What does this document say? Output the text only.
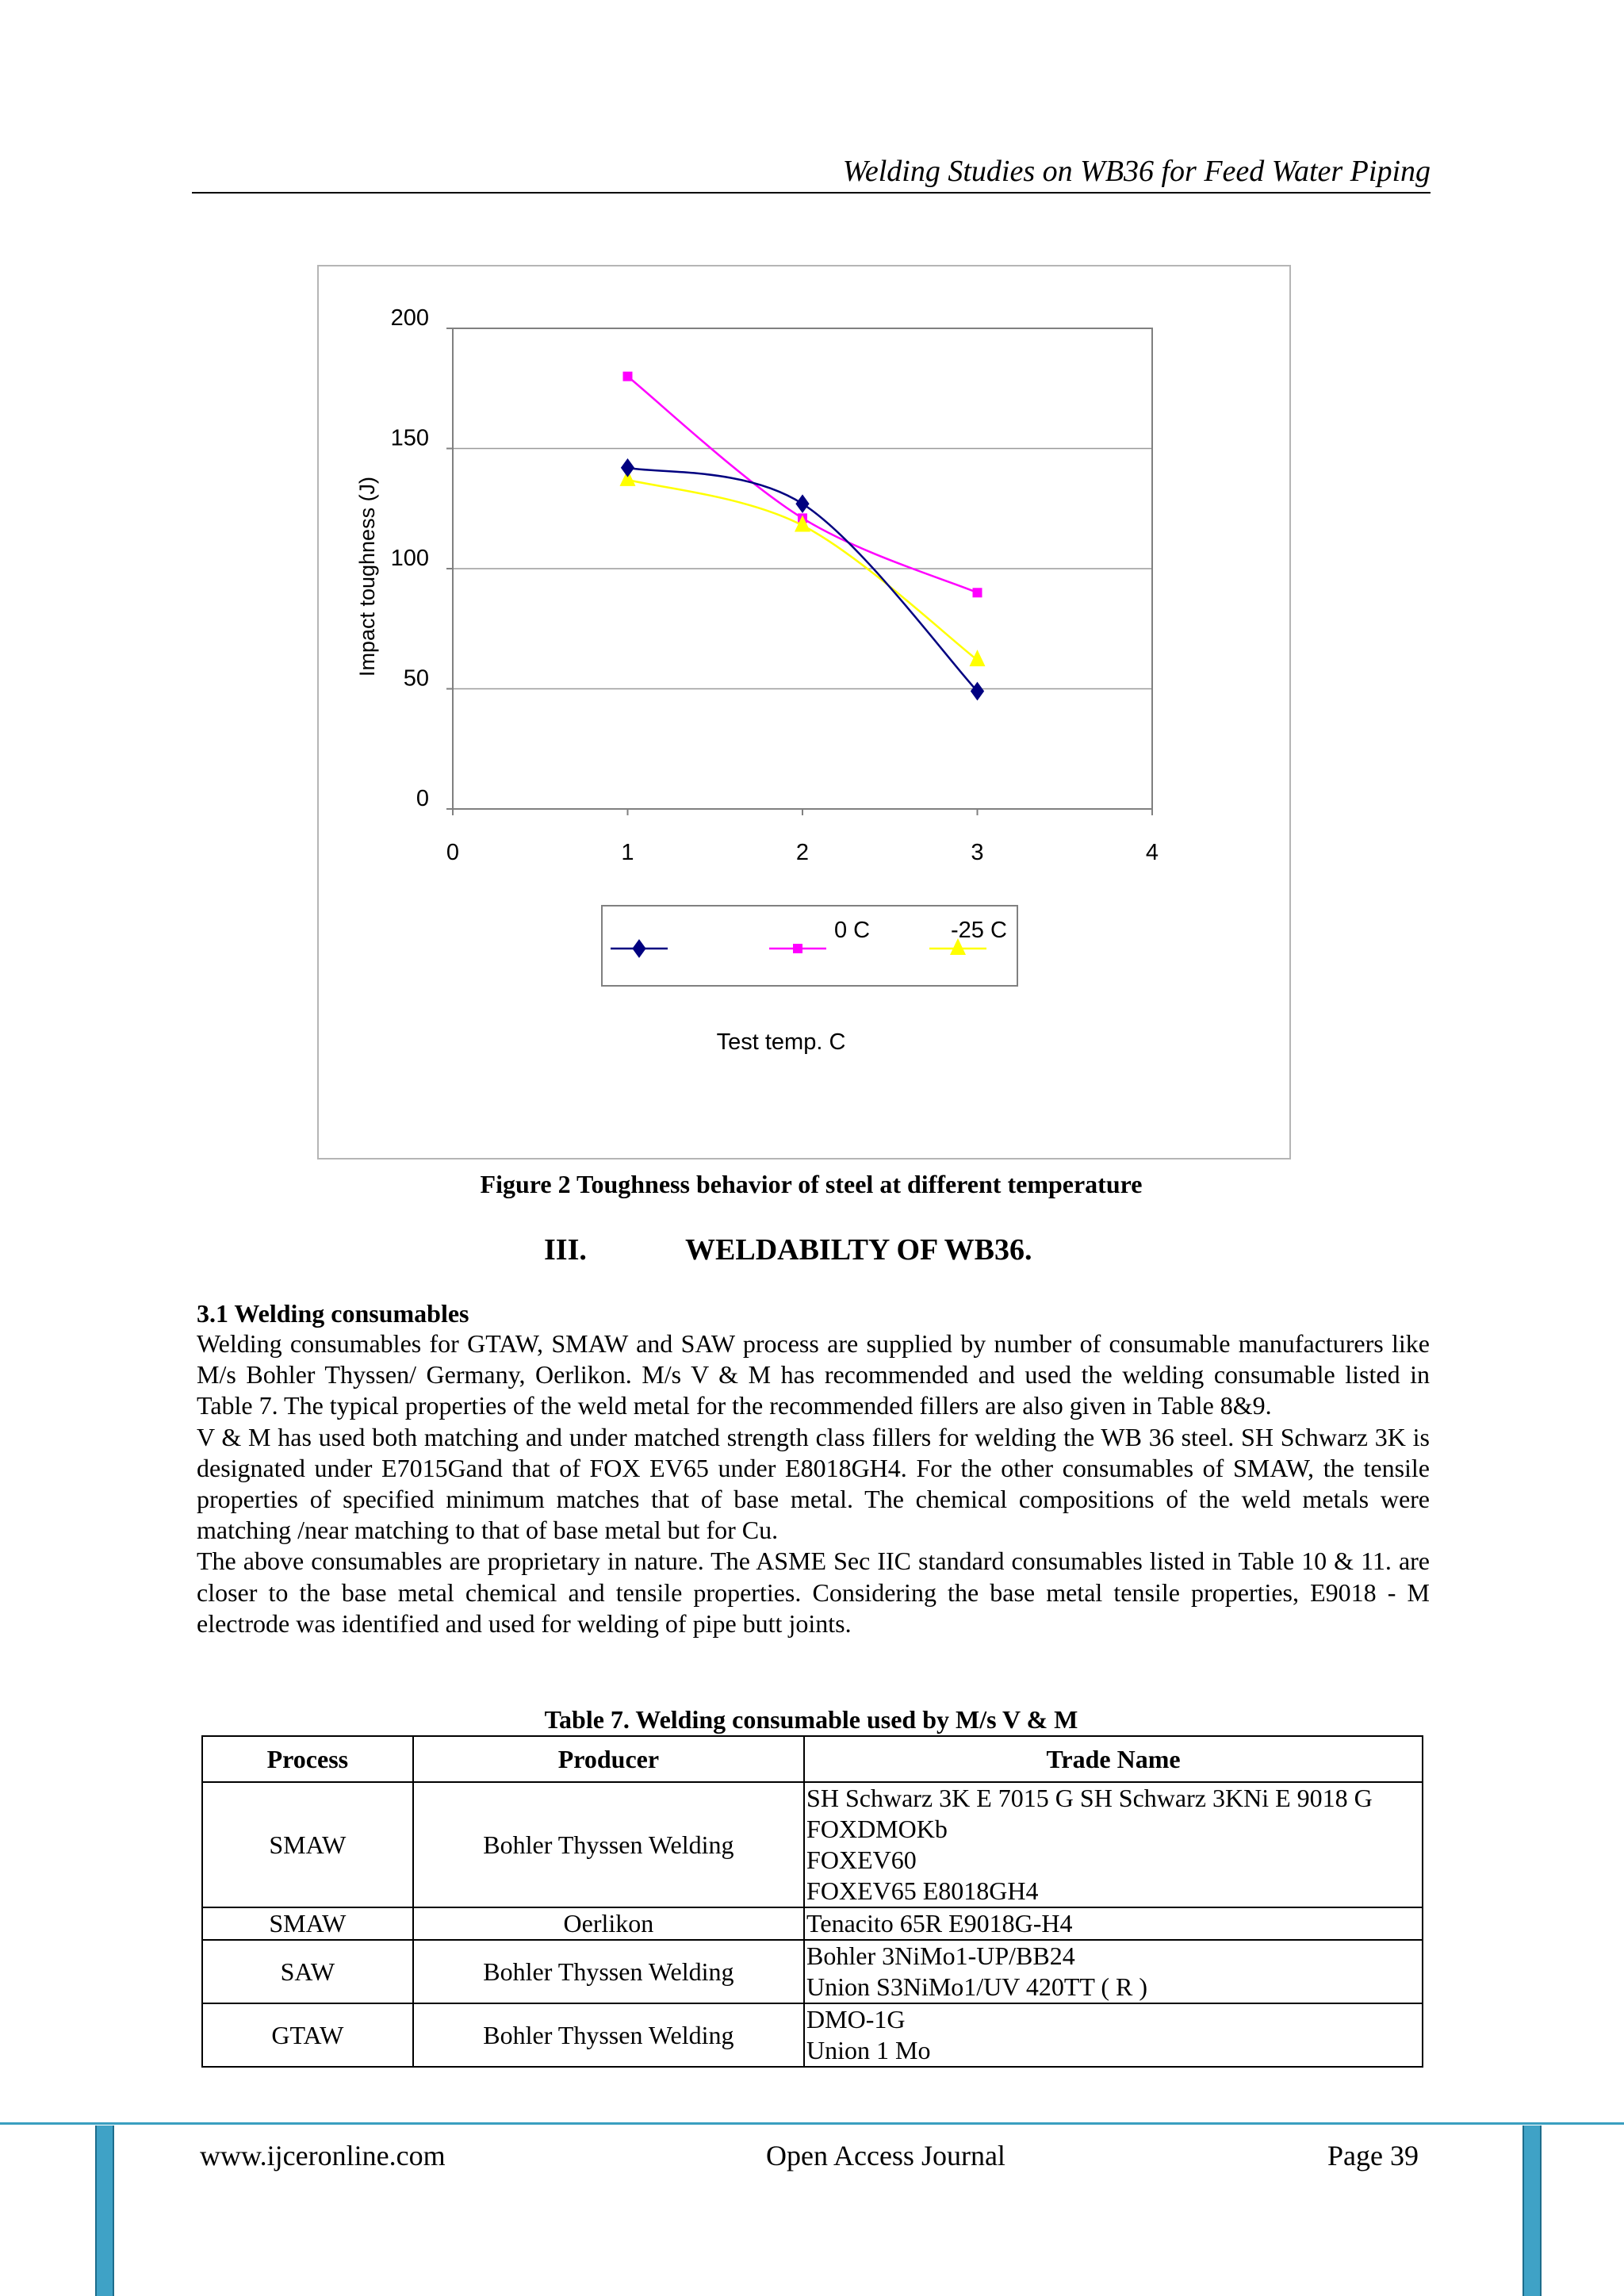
Welding Studies on WB36 for Feed Water Piping
0
50
100
150
200
0	1	2	3	4
Impact toughness (J)
Test temp. C
0 C	-25 C
Figure 2 Toughness behavior of steel at different temperature
III.	WELDABILTY OF WB36.
3.1 Welding consumables

Welding consumables for GTAW, SMAW and SAW process are supplied by number of consumable manufacturers like M/s Bohler Thyssen/ Germany, Oerlikon. M/s V & M has recommended and used the welding consumable listed in Table 7. The typical properties of the weld metal for the recommended fillers are also given in Table 8&9.

V & M has used both matching and under matched strength class fillers for welding the WB 36 steel. SH Schwarz 3K is designated under E7015Gand that of FOX EV65 under E8018GH4. For the other consumables of SMAW, the tensile properties of specified minimum matches that of base metal. The chemical compositions of the weld metals were matching /near matching to that of base metal but for Cu.

The above consumables are proprietary in nature. The ASME Sec IIC standard consumables listed in Table 10 & 11. are closer to the base metal chemical and tensile properties. Considering the base metal tensile properties, E9018 - M electrode was identified and used for welding of pipe butt joints.

Table 7. Welding consumable used by M/s V & M
Process	Producer	Trade Name
SMAW	Bohler Thyssen Welding	SH Schwarz 3K E 7015 G SH Schwarz 3KNi E 9018 G
FOXDMOKb
FOXEV60
FOXEV65 E8018GH4

SMAW	Oerlikon	Tenacito 65R E9018G-H4

SAW	Bohler Thyssen Welding	Bohler 3NiMo1-UP/BB24
Union S3NiMo1/UV 420TT ( R )

GTAW	Bohler Thyssen Welding	DMO-1G
Union 1 Mo
www.ijceronline.com	Open Access Journal	Page 39
